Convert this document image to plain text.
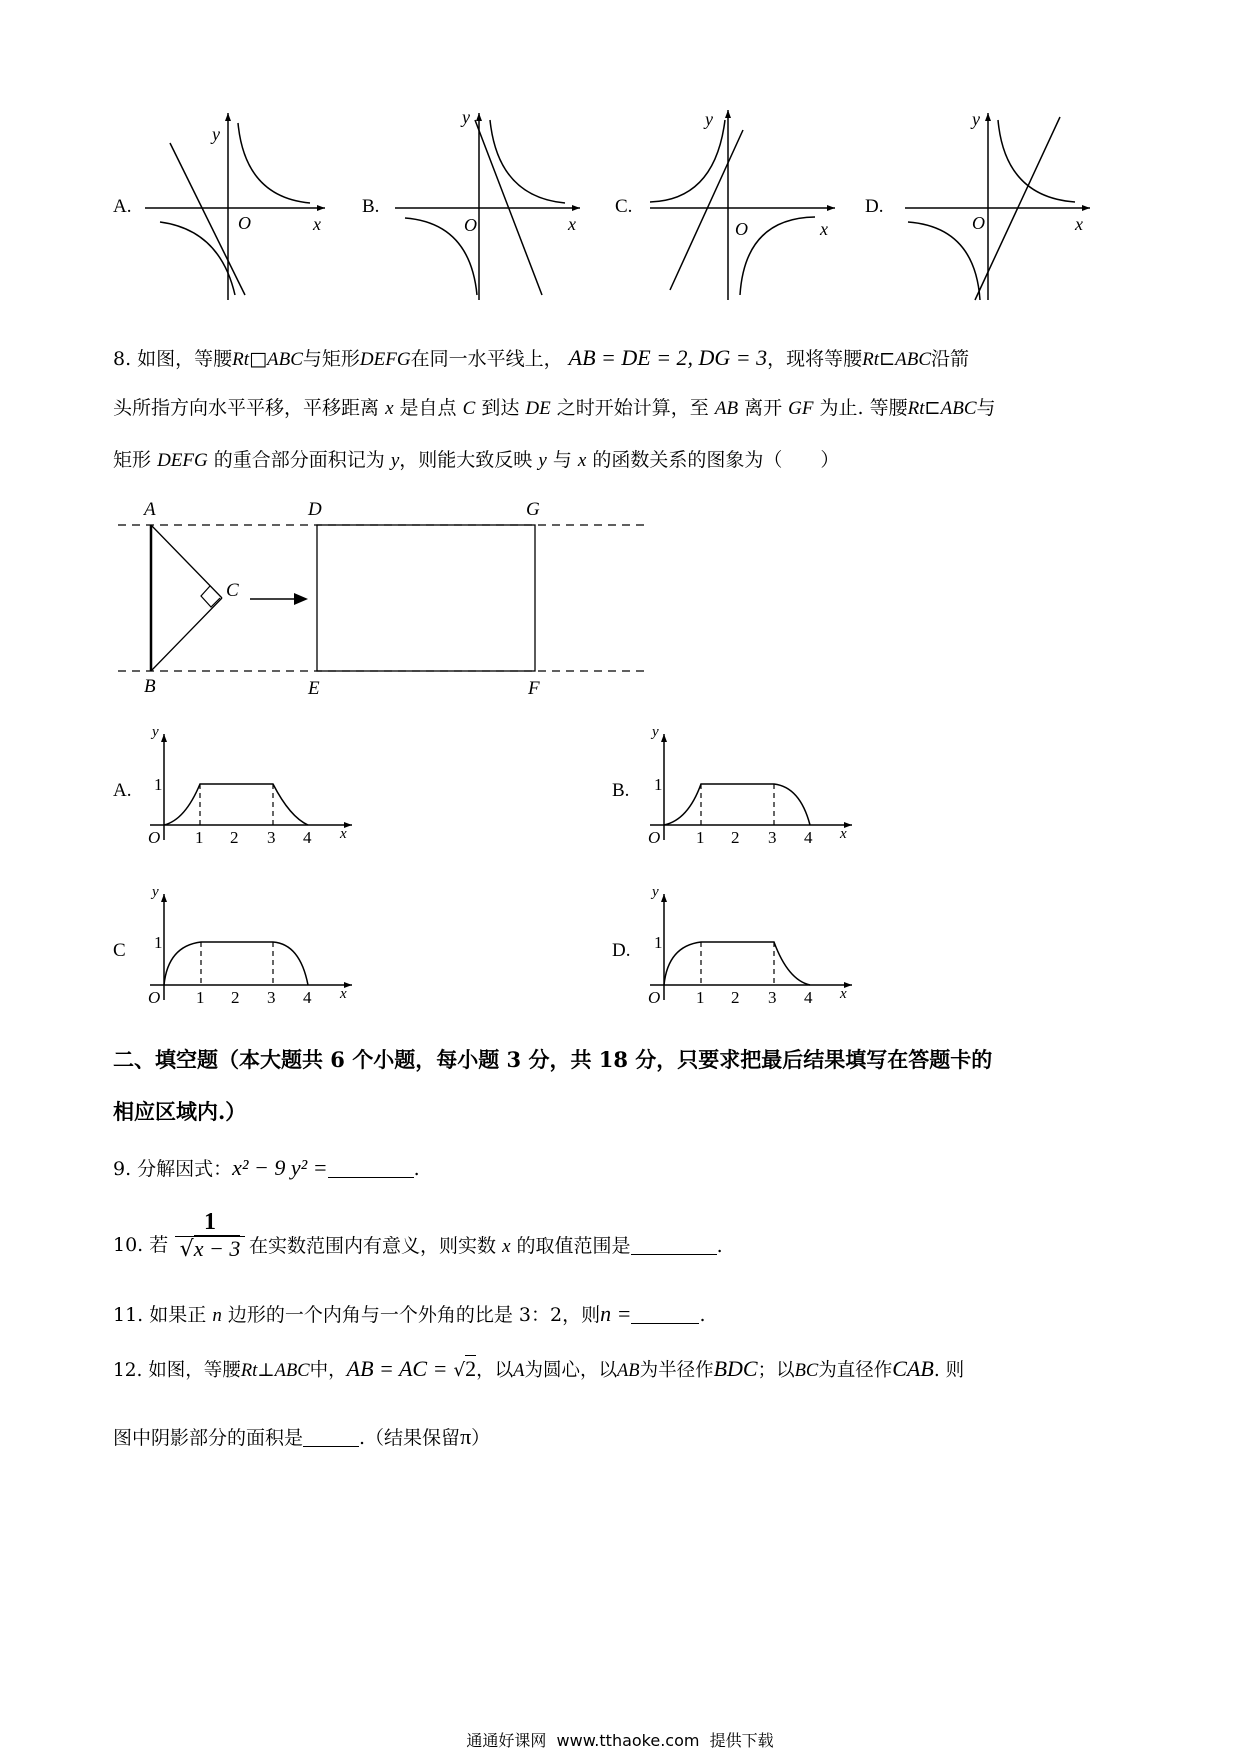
A.	B.	C.	D.
y
O	x
y
O	x
y
O	x
y
O	x
8. 如图，等腰Rt□ABC与矩形DEFG在同一水平线上， AB = DE = 2, DG = 3，现将等腰Rt⊏ABC沿箭
头所指方向水平平移，平移距离 x 是自点 C 到达 DE 之时开始计算，至 AB 离开 GF 为止. 等腰Rt⊏ABC与
矩形 DEFG 的重合部分面积记为 y，则能大致反映 y 与 x 的函数关系的图象为（　　）
A
B
C
D
E	F
G
A.	B.
C	D.
y
1
O 1 2 3 4 x
y
1
O 1 2 3 4 x
y
1
O 1 2 3 4 x
y
1
O 1 2 3 4 x
二、填空题（本大题共 6 个小题，每小题 3 分，共 18 分，只要求把最后结果填写在答题卡的
相应区域内.）
9. 分解因式：x² − 9 y² =	.
10. 若 $\frac{1}{√x - 3}$ 在实数范围内有意义，则实数 x 的取值范围是	.
11. 如果正 n 边形的一个内角与一个外角的比是 3：2，则n =	.
12. 如图，等腰Rt⊥ABC中，AB = AC = √2，以A为圆心，以AB为半径作BDC；以BC为直径作CAB. 则
图中阴影部分的面积是	.（结果保留π）
通通好课网  www.tthaoke.com  提供下载
